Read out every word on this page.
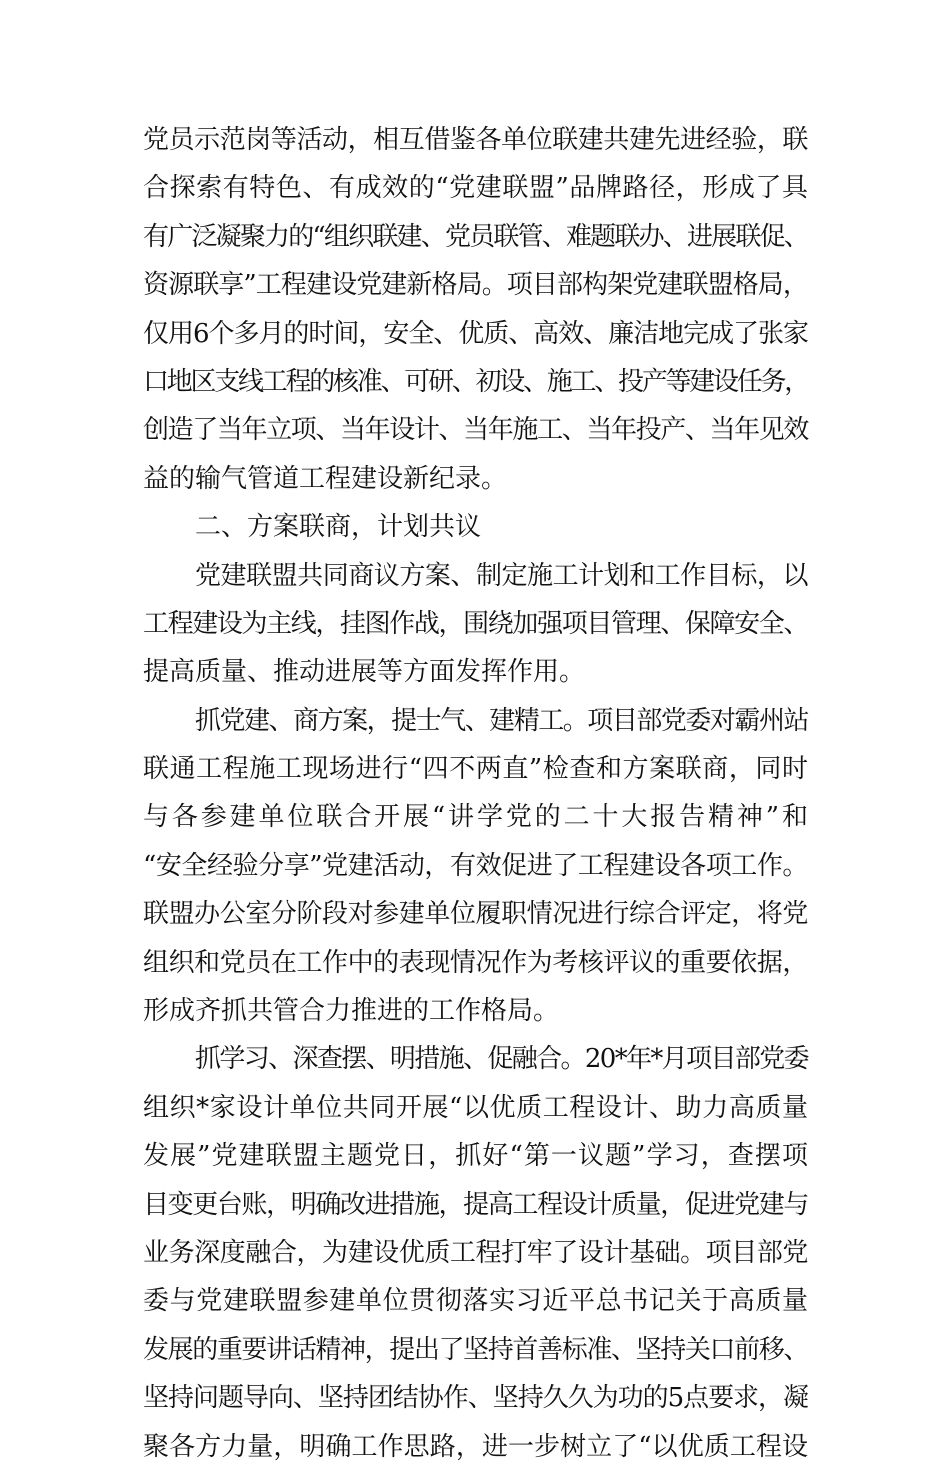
党员示范岗等活动，相互借鉴各单位联建共建先进经验，联
合探索有特色、有成效的“党建联盟”品牌路径，形成了具
有广泛凝聚力的“组织联建、党员联管、难题联办、进展联促、
资源联享”工程建设党建新格局。项目部构架党建联盟格局，
仅用6个多月的时间，安全、优质、高效、廉洁地完成了张家
口地区支线工程的核准、可研、初设、施工、投产等建设任务，
创造了当年立项、当年设计、当年施工、当年投产、当年见效
益的输气管道工程建设新纪录。
二、方案联商，计划共议
党建联盟共同商议方案、制定施工计划和工作目标，以
工程建设为主线，挂图作战，围绕加强项目管理、保障安全、
提高质量、推动进展等方面发挥作用。
抓党建、商方案，提士气、建精工。项目部党委对霸州站
联通工程施工现场进行“四不两直”检查和方案联商，同时
与各参建单位联合开展“讲学党的二十大报告精神”和
“安全经验分享”党建活动，有效促进了工程建设各项工作。
联盟办公室分阶段对参建单位履职情况进行综合评定，将党
组织和党员在工作中的表现情况作为考核评议的重要依据，
形成齐抓共管合力推进的工作格局。
抓学习、深查摆、明措施、促融合。20*年*月项目部党委
组织*家设计单位共同开展“以优质工程设计、助力高质量
发展”党建联盟主题党日，抓好“第一议题”学习，查摆项
目变更台账，明确改进措施，提高工程设计质量，促进党建与
业务深度融合，为建设优质工程打牢了设计基础。项目部党
委与党建联盟参建单位贯彻落实习近平总书记关于高质量
发展的重要讲话精神，提出了坚持首善标准、坚持关口前移、
坚持问题导向、坚持团结协作、坚持久久为功的5点要求，凝
聚各方力量，明确工作思路，进一步树立了“以优质工程设
